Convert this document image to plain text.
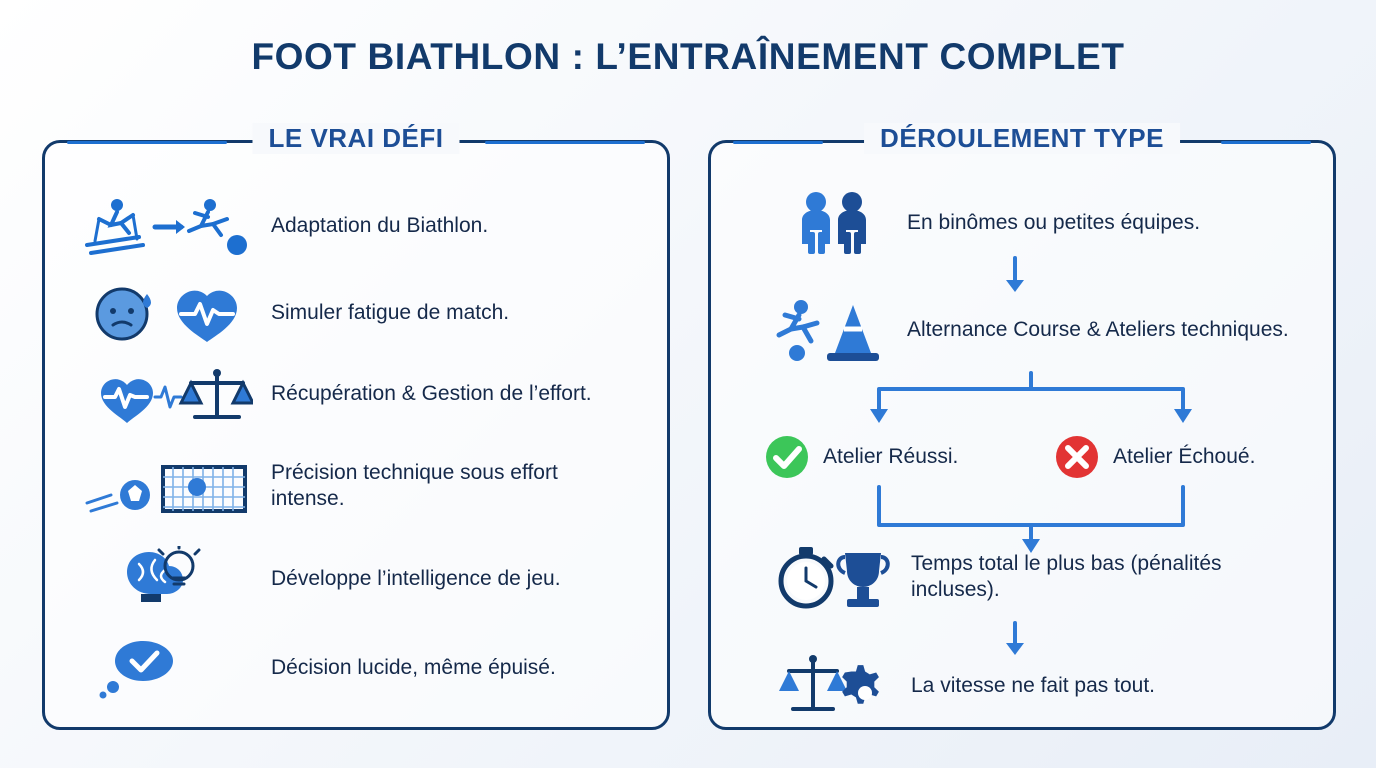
FOOT BIATHLON : L’ENTRAÎNEMENT COMPLET
LE VRAI DÉFI
Adaptation du Biathlon.
Simuler fatigue de match.
Récupération & Gestion de l’effort.
Précision technique sous effort intense.
Développe l’intelligence de jeu.
Décision lucide, même épuisé.
DÉROULEMENT TYPE
En binômes ou petites équipes.
Alternance Course & Ateliers techniques.
Atelier Réussi.	Atelier Échoué.
Temps total le plus bas (pénalités incluses).
La vitesse ne fait pas tout.
